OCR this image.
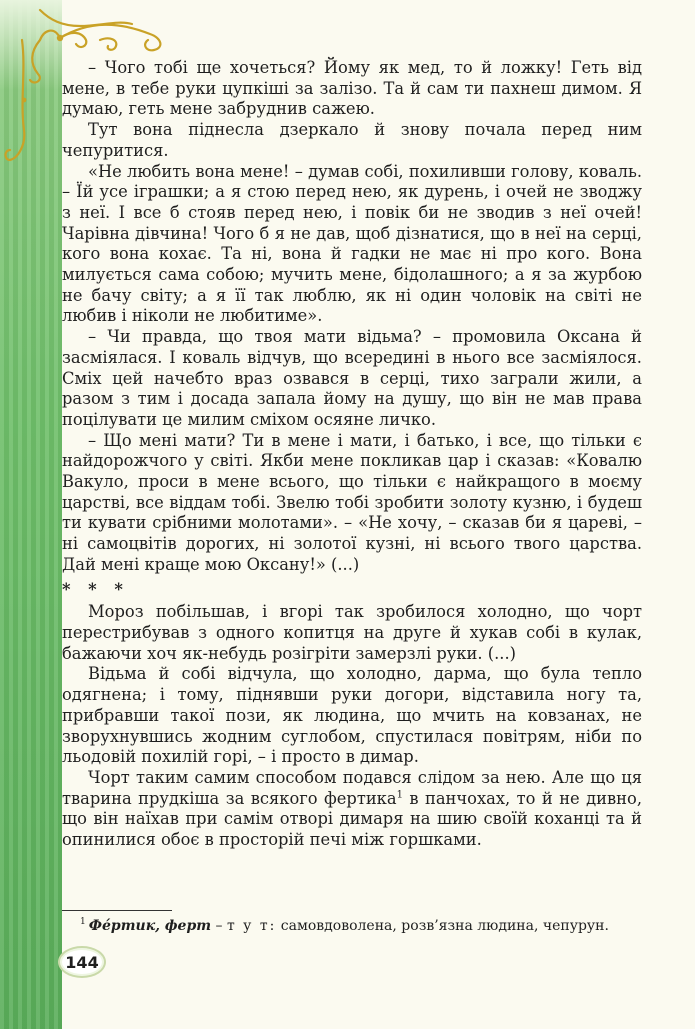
– Чого тобі ще хочеться? Йому як мед, то й ложку! Геть від мене, в тебе руки цупкіші за залізо. Та й сам ти пахнеш димом. Я думаю, геть мене забруднив сажею.

Тут вона піднесла дзеркало й знову почала перед ним чепуритися.

«Не любить вона мене! – думав собі, похиливши голову, коваль. – Їй усе іграшки; а я стою перед нею, як дурень, і очей не зводжу з неї. І все б стояв перед нею, і повік би не зводив з неї очей! Чарівна дівчина! Чого б я не дав, щоб дізнатися, що в неї на серці, кого вона кохає. Та ні, вона й гадки не має ні про кого. Вона милується сама собою; мучить мене, бідолашного; а я за журбою не бачу світу; а я її так люблю, як ні один чоловік на світі не любив і ніколи не любитиме».

– Чи правда, що твоя мати відьма? – промовила Оксана й засміялася. І коваль відчув, що всередині в нього все засміялося. Сміх цей начебто враз озвався в серці, тихо заграли жили, а разом з тим і досада запала йому на душу, що він не мав права поцілувати це милим сміхом осяяне личко.

– Що мені мати? Ти в мене і мати, і батько, і все, що тільки є найдорожчого у світі. Якби мене покликав цар і сказав: «Ковалю Вакуло, проси в мене всього, що тільки є найкращого в моєму царстві, все віддам тобі. Звелю тобі зробити золоту кузню, і будеш ти кувати срібними молотами». – «Не хочу, – сказав би я цареві, – ні самоцвітів дорогих, ні золотої кузні, ні всього твого царства. Дай мені краще мою Оксану!» (...)

* * *

Мороз побільшав, і вгорі так зробилося холодно, що чорт перестрибував з одного копитця на друге й хукав собі в кулак, бажаючи хоч як-небудь розігріти замерзлі руки. (...)

Відьма й собі відчула, що холодно, дарма, що була тепло одягнена; і тому, піднявши руки догори, відставила ногу та, прибравши такої пози, як людина, що мчить на ковзанах, не зворухнувшись жодним суглобом, спустилася повітрям, ніби по льодовій похилій горі, – і просто в димар.

Чорт таким самим способом подався слідом за нею. Але що ця тварина прудкіша за всякого фертика$^1$ в панчохах, то й не дивно, що він наїхав при самім отворі димаря на шию своїй коханці та й опинилися обоє в просторій печі між горшками.

$^1$ Фéртик, ферт – т у т: самовдоволена, розв’язна людина, чепурун.
144
